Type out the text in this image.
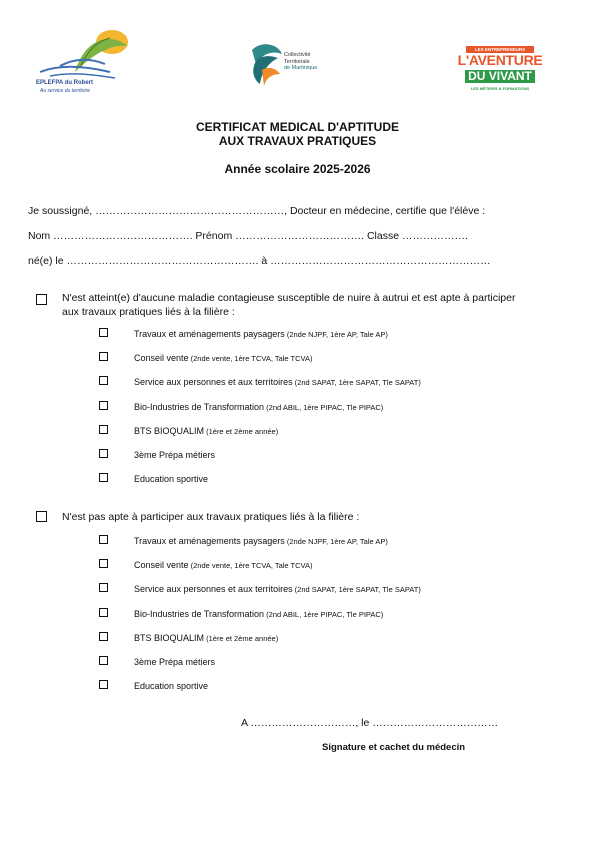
EPLEFPA du Robert
Au service du territoire
Collectivité
Territoriale
de Martinique
LES ENTREPRENEURS
L'AVENTURE
DU VIVANT
LES MÉTIERS & FORMATIONS
CERTIFICAT MEDICAL D'APTITUDE
AUX TRAVAUX PRATIQUES
Année scolaire 2025-2026
Je soussigné, ………………………………………………, Docteur en médecine, certifie que l'élève :
Nom …………………………………. Prénom ………………………………. Classe ……………….
né(e) le ………………………………………………. à ………………………………………………………
N'est atteint(e) d'aucune maladie contagieuse susceptible de nuire à autrui et est apte à participer
aux travaux pratiques liés à la filière :
Travaux et aménagements paysagers (2nde NJPF, 1ère AP, Tale AP)
Conseil vente (2nde vente, 1ère TCVA, Tale TCVA)
Service aux personnes et aux territoires (2nd SAPAT, 1ère SAPAT, Tle SAPAT)
Bio-Industries de Transformation (2nd ABIL, 1ère PIPAC, Tle PIPAC)
BTS BIOQUALIM (1ère et 2ème année)
3ème Prépa métiers
Education sportive
N'est pas apte à participer aux travaux pratiques liés à la filière :
Travaux et aménagements paysagers (2nde NJPF, 1ère AP, Tale AP)
Conseil vente (2nde vente, 1ère TCVA, Tale TCVA)
Service aux personnes et aux territoires (2nd SAPAT, 1ère SAPAT, Tle SAPAT)
Bio-Industries de Transformation (2nd ABIL, 1ère PIPAC, Tle PIPAC)
BTS BIOQUALIM (1ère et 2ème année)
3ème Prépa métiers
Education sportive
A …………………………, le ………………………………
Signature et cachet du médecin
